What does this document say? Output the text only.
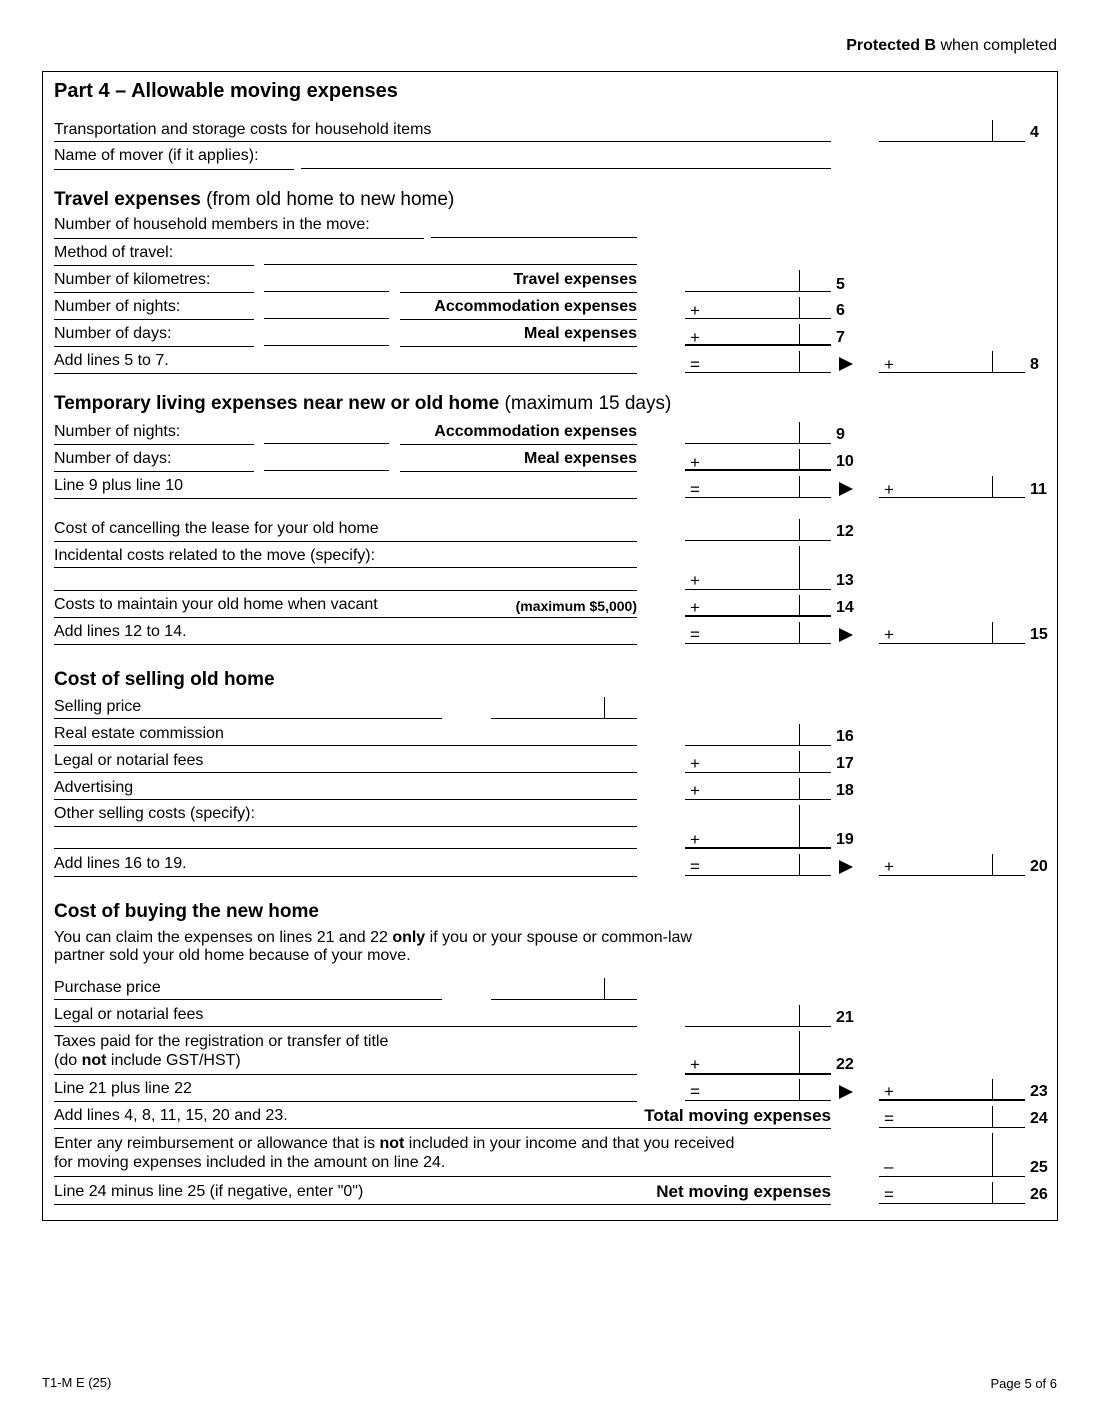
Protected B when completed
Part 4 – Allowable moving expenses
Transportation and storage costs for household items	4
Name of mover (if it applies):
Travel expenses (from old home to new home)
Number of household members in the move:
Method of travel:
Number of kilometres:	Travel expenses	5
Number of nights:	Accommodation expenses	+	6
Number of days:	Meal expenses	+	7
Add lines 5 to 7.	=	+	8
Temporary living expenses near new or old home (maximum 15 days)
Number of nights:	Accommodation expenses	9
Number of days:	Meal expenses	+	10
Line 9 plus line 10	=	+	11
Cost of cancelling the lease for your old home	12
Incidental costs related to the move (specify):
+	13
Costs to maintain your old home when vacant	(maximum $5,000)	+	14
Add lines 12 to 14.	=	+	15
Cost of selling old home
Selling price
Real estate commission	16
Legal or notarial fees	+	17
Advertising	+	18
Other selling costs (specify):
+	19
Add lines 16 to 19.	=	+	20
Cost of buying the new home
You can claim the expenses on lines 21 and 22 only if you or your spouse or common-law
partner sold your old home because of your move.
Purchase price
Legal or notarial fees	21
Taxes paid for the registration or transfer of title
(do not include GST/HST)	+	22
Line 21 plus line 22	=	+	23
Add lines 4, 8, 11, 15, 20 and 23.	Total moving expenses	=	24
Enter any reimbursement or allowance that is not included in your income and that you received
for moving expenses included in the amount on line 24.	–	25
Line 24 minus line 25 (if negative, enter "0")	Net moving expenses	=	26
T1-M E (25)	Page 5 of 6
